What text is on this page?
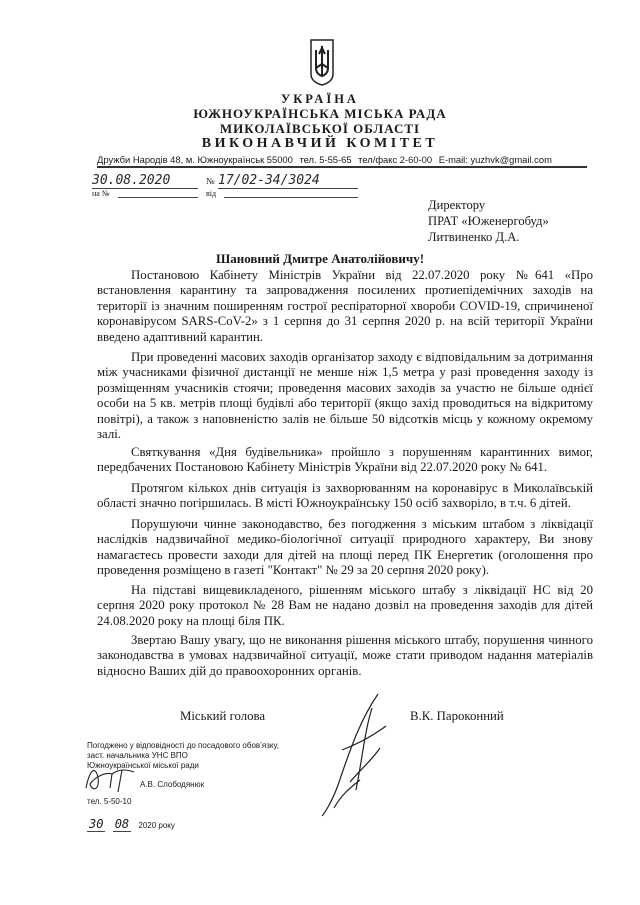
УКРАЇНА
ЮЖНОУКРАЇНСЬКА МІСЬКА РАДА
МИКОЛАЇВСЬКОЇ ОБЛАСТІ
ВИКОНАВЧИЙ КОМІТЕТ
Дружби Народів 48, м. Южноукраїнськ 55000 тел. 5-55-65 тел/факс 2-60-00 E-mail: yuzhvk@gmail.com
30.08.2020	№ 17/02-34/3024
на №	від
Директору
ПРАТ «Юженергобуд»
Литвиненко Д.А.
Шановний Дмитре Анатолійовичу!

Постановою Кабінету Міністрів України від 22.07.2020 року №641 «Про встановлення карантину та запровадження посилених протиепідемічних заходів на території із значним поширенням гострої респіраторної хвороби COVID-19, спричиненої коронавірусом SARS-CoV-2» з 1 серпня до 31 серпня 2020 р. на всій території України введено адаптивний карантин.

При проведенні масових заходів організатор заходу є відповідальним за дотримання між учасниками фізичної дистанції не менше ніж 1,5 метра у разі проведення заходу із розміщенням учасників стоячи; проведення масових заходів за участю не більше однієї особи на 5 кв. метрів площі будівлі або території (якщо захід проводиться на відкритому повітрі), а також з наповненістю залів не більше 50 відсотків місць у кожному окремому залі.

Святкування «Дня будівельника» пройшло з порушенням карантинних вимог, передбачених Постановою Кабінету Міністрів України від 22.07.2020 року № 641.

Протягом кількох днів ситуація із захворюванням на коронавірус в Миколаївській області значно погіршилась. В місті Южноукраїнську 150 осіб захворіло, в т.ч. 6 дітей.

Порушуючи чинне законодавство, без погодження з міським штабом з ліквідації наслідків надзвичайної медико-біологічної ситуації природного характеру, Ви знову намагаєтесь провести заходи для дітей на площі перед ПК Енергетик (оголошення про проведення розміщено в газеті "Контакт" № 29 за 20 серпня 2020 року).

На підставі вищевикладеного, рішенням міського штабу з ліквідації НС від 20 серпня 2020 року протокол № 28 Вам не надано дозвіл на проведення заходів для дітей 24.08.2020 року на площі біля ПК.

Звертаю Вашу увагу, що не виконання рішення міського штабу, порушення чинного законодавства в умовах надзвичайної ситуації, може стати приводом надання матеріалів відносно Ваших дій до правоохоронних органів.

Міський голова	В.К. Пароконний
Погоджено у відповідності до посадового обов’язку,
заст. начальника УНС ВПО
Южноукраїнської міської ради
А.В. Слободянюк
тел. 5-50-10
30 08 2020 року
